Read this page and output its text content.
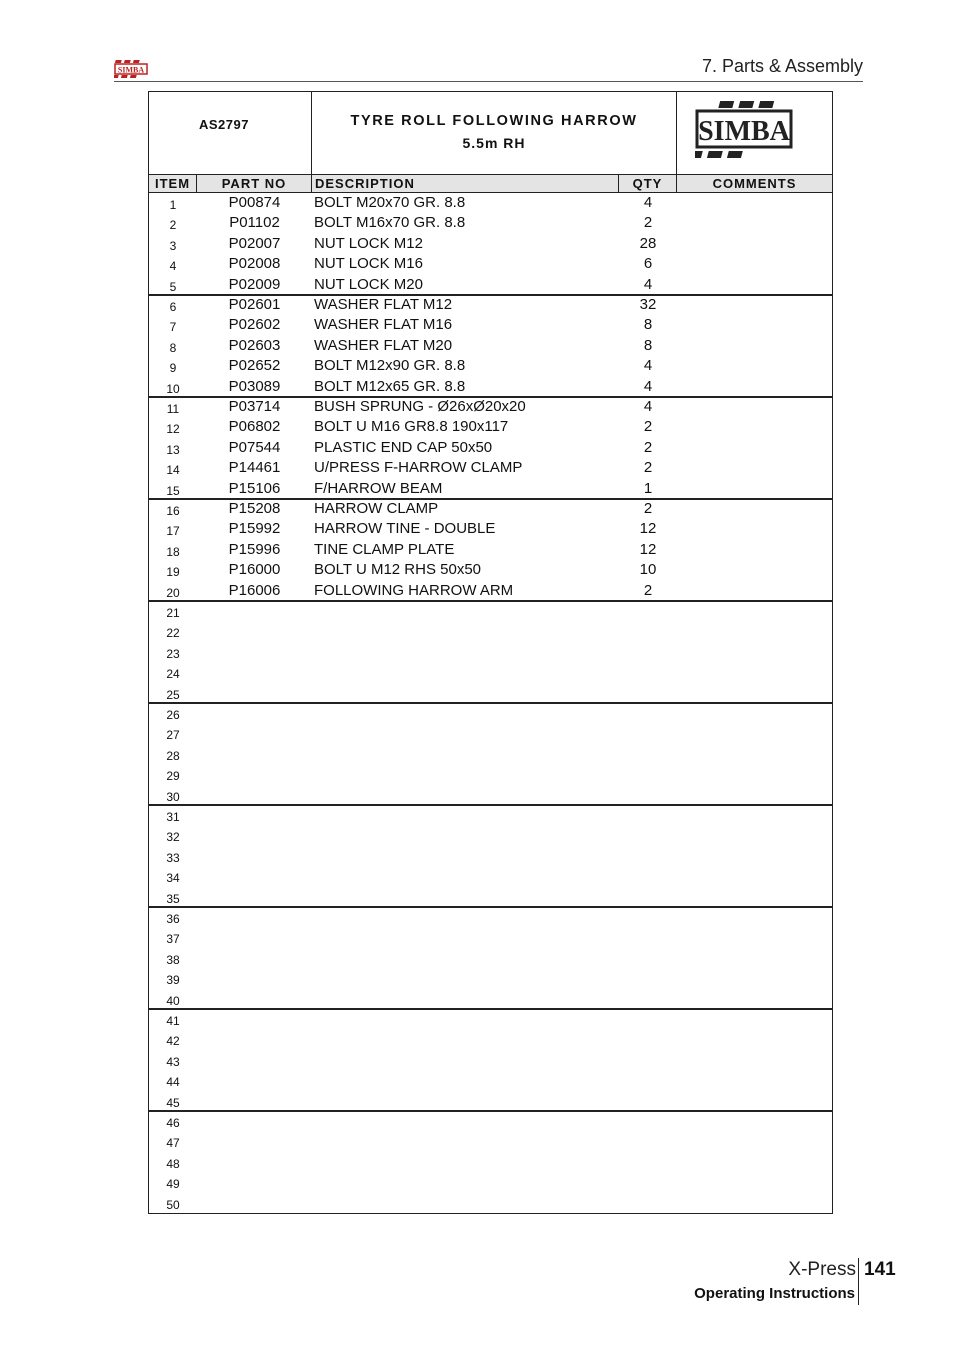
SIMBA	7. Parts & Assembly
AS2797	TYRE ROLL FOLLOWING HARROW
5.5m RH	SIMBA
ITEM	PART NO	DESCRIPTION	QTY	COMMENTS
1	P00874	BOLT M20x70 GR. 8.8	4
2	P01102	BOLT M16x70 GR. 8.8	2
3	P02007	NUT LOCK M12	28
4	P02008	NUT LOCK M16	6
5	P02009	NUT LOCK M20	4
6	P02601	WASHER FLAT M12	32
7	P02602	WASHER FLAT M16	8
8	P02603	WASHER FLAT M20	8
9	P02652	BOLT M12x90 GR. 8.8	4
10	P03089	BOLT M12x65 GR. 8.8	4
11	P03714	BUSH SPRUNG - Ø26xØ20x20	4
12	P06802	BOLT U M16 GR8.8 190x117	2
13	P07544	PLASTIC END CAP 50x50	2
14	P14461	U/PRESS F-HARROW CLAMP	2
15	P15106	F/HARROW BEAM	1
16	P15208	HARROW CLAMP	2
17	P15992	HARROW TINE - DOUBLE	12
18	P15996	TINE CLAMP PLATE	12
19	P16000	BOLT U M12 RHS 50x50	10
20	P16006	FOLLOWING HARROW ARM	2
21
22
23
24
25
26
27
28
29
30
31
32
33
34
35
36
37
38
39
40
41
42
43
44
45
46
47
48
49
50
X-Press 141
Operating Instructions
